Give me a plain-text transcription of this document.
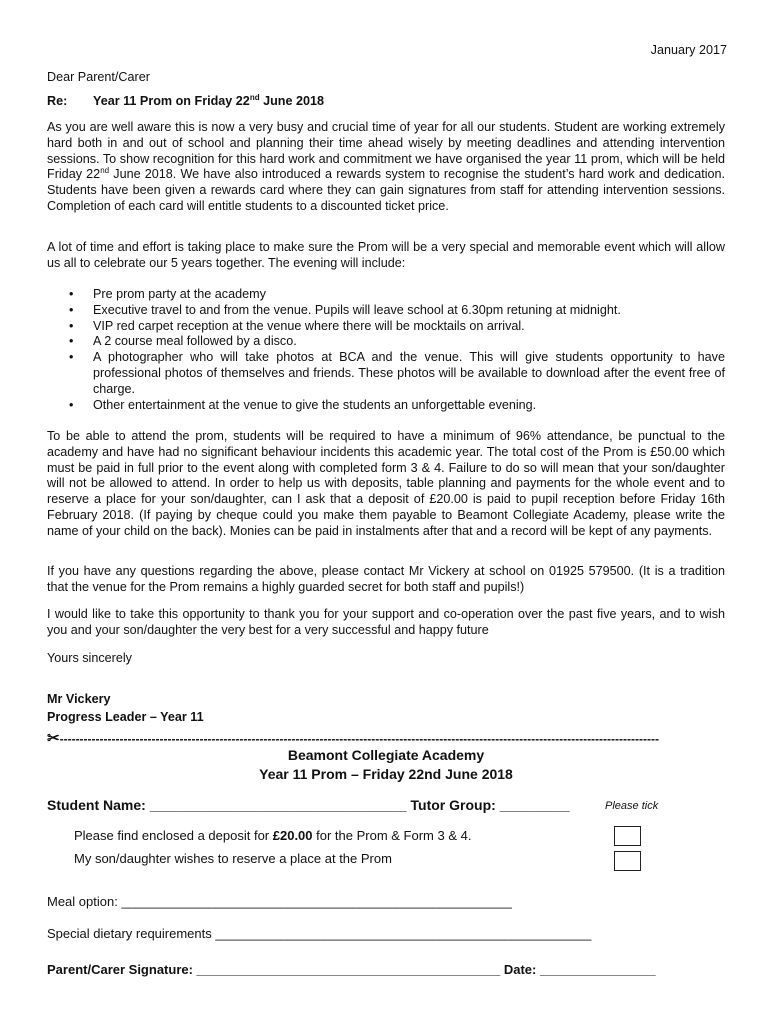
January 2017
Dear Parent/Carer
Re: Year 11 Prom on Friday 22nd June 2018

As you are well aware this is now a very busy and crucial time of year for all our students. Student are working extremely hard both in and out of school and planning their time ahead wisely by meeting deadlines and attending intervention sessions. To show recognition for this hard work and commitment we have organised the year 11 prom, which will be held Friday 22nd June 2018. We have also introduced a rewards system to recognise the student’s hard work and dedication. Students have been given a rewards card where they can gain signatures from staff for attending intervention sessions. Completion of each card will entitle students to a discounted ticket price.

A lot of time and effort is taking place to make sure the Prom will be a very special and memorable event which will allow us all to celebrate our 5 years together. The evening will include:

• Pre prom party at the academy
• Executive travel to and from the venue. Pupils will leave school at 6.30pm retuning at midnight.
• VIP red carpet reception at the venue where there will be mocktails on arrival.
• A 2 course meal followed by a disco.
• A photographer who will take photos at BCA and the venue. This will give students opportunity to have professional photos of themselves and friends. These photos will be available to download after the event free of charge.
• Other entertainment at the venue to give the students an unforgettable evening.

To be able to attend the prom, students will be required to have a minimum of 96% attendance, be punctual to the academy and have had no significant behaviour incidents this academic year. The total cost of the Prom is £50.00 which must be paid in full prior to the event along with completed form 3 & 4. Failure to do so will mean that your son/daughter will not be allowed to attend. In order to help us with deposits, table planning and payments for the whole event and to reserve a place for your son/daughter, can I ask that a deposit of £20.00 is paid to pupil reception before Friday 16th February 2018. (If paying by cheque could you make them payable to Beamont Collegiate Academy, please write the name of your child on the back). Monies can be paid in instalments after that and a record will be kept of any payments.

If you have any questions regarding the above, please contact Mr Vickery at school on 01925 579500. (It is a tradition that the venue for the Prom remains a highly guarded secret for both staff and pupils!)

I would like to take this opportunity to thank you for your support and co-operation over the past five years, and to wish you and your son/daughter the very best for a very successful and happy future

Yours sincerely

Mr Vickery
Progress Leader – Year 11
✂------------------------------------------------------------------------------------------------------------------------------------------------------
Beamont Collegiate Academy
Year 11 Prom – Friday 22nd June 2018
Student Name: _________________________________ Tutor Group: _________	Please tick
Please find enclosed a deposit for £20.00 for the Prom & Form 3 & 4.
My son/daughter wishes to reserve a place at the Prom
Meal option: ______________________________________________________
Special dietary requirements ____________________________________________________
Parent/Carer Signature: __________________________________________ Date: ________________
